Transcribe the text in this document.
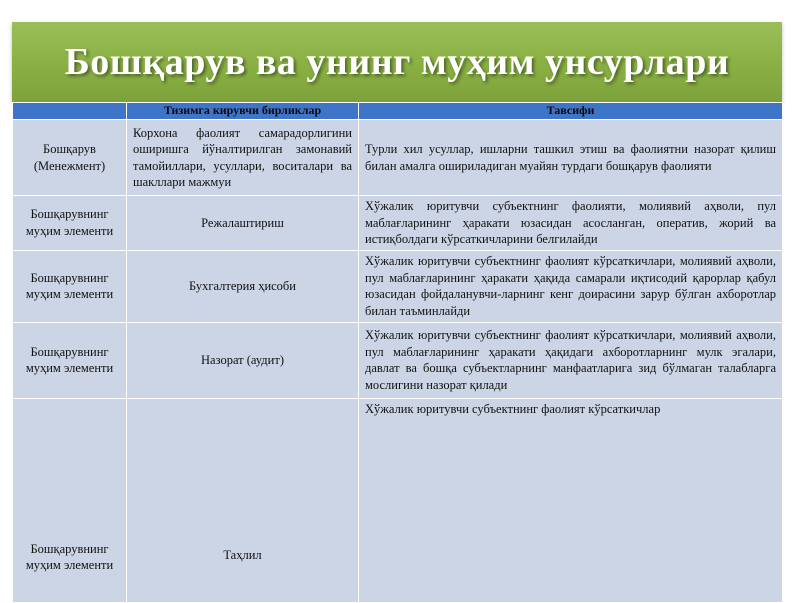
Бошқарув ва унинг муҳим унсурлари
	Тизимга кирувчи бирликлар	Тавсифи
Бошқарув (Менежмент)	Корхона фаолият самарадорлигини оширишга йўналтирилган замонавий тамойиллари, усуллари, воситалари ва шакллари мажмуи	Турли хил усуллар, ишларни ташкил этиш ва фаолиятни назорат қилиш билан амалга ошириладиган муайян турдаги бошқарув фаолияти
Бошқарувнинг муҳим элементи	Режалаштириш	Хўжалик юритувчи субъектнинг фаолияти, молиявий аҳволи, пул маблағларининг ҳаракати юзасидан асосланган, оператив, жорий ва истиқболдаги кўрсаткичларини белгилайди
Бошқарувнинг муҳим элементи	Бухгалтерия ҳисоби	Хўжалик юритувчи субъектнинг фаолият кўрсаткичлари, молиявий аҳволи, пул маблағларининг ҳаракати ҳақида самарали иқтисодий қарорлар қабул юзасидан фойдаланувчи-ларнинг кенг доирасини зарур бўлган ахборотлар билан таъминлайди
Бошқарувнинг муҳим элементи	Назорат (аудит)	Хўжалик юритувчи субъектнинг фаолият кўрсаткичлари, молиявий аҳволи, пул маблағларининг ҳаракати ҳақидаги ахборотларнинг мулк эгалари, давлат ва бошқа субъектларнинг манфаатларига зид бўлмаган талабларга мослигини назорат қилади
Бошқарувнинг муҳим элементи	Таҳлил	Хўжалик юритувчи субъектнинг фаолият кўрсаткичлар
